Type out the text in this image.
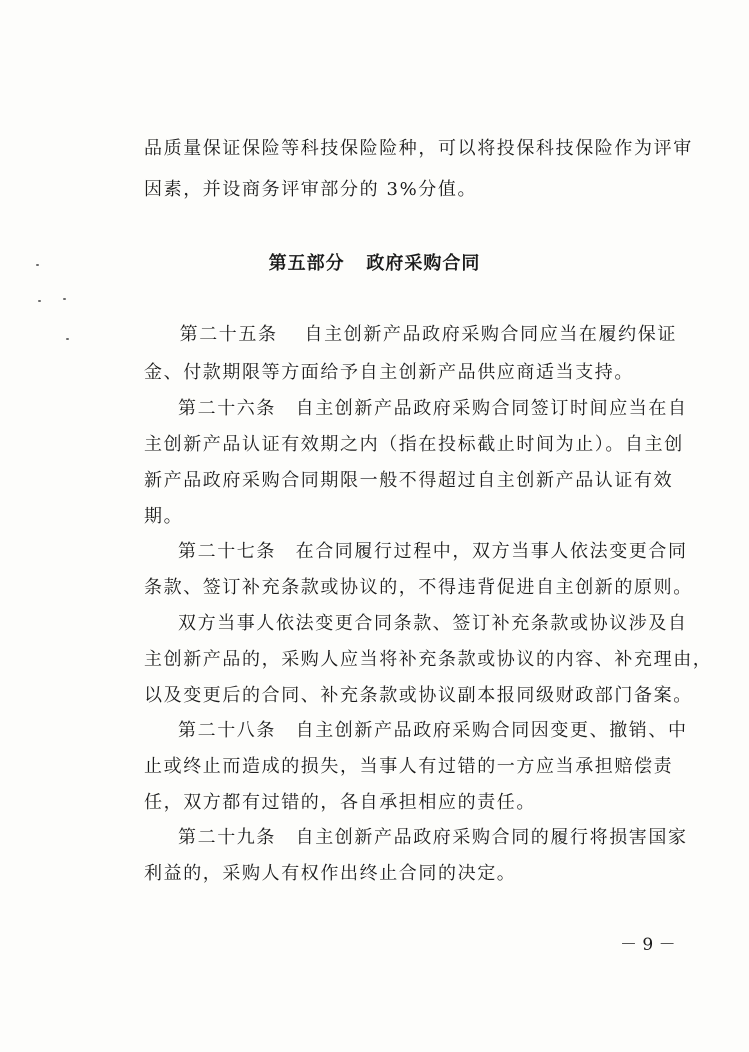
品质量保证保险等科技保险险种，可以将投保科技保险作为评审
因素，并设商务评审部分的 3%分值。
第五部分   政府采购合同
　第二十五条　 自主创新产品政府采购合同应当在履约保证
金、付款期限等方面给予自主创新产品供应商适当支持。
第二十六条　自主创新产品政府采购合同签订时间应当在自
主创新产品认证有效期之内（指在投标截止时间为止）。自主创
新产品政府采购合同期限一般不得超过自主创新产品认证有效
期。
第二十七条　在合同履行过程中，双方当事人依法变更合同
条款、签订补充条款或协议的，不得违背促进自主创新的原则。
双方当事人依法变更合同条款、签订补充条款或协议涉及自
主创新产品的，采购人应当将补充条款或协议的内容、补充理由，
以及变更后的合同、补充条款或协议副本报同级财政部门备案。
第二十八条　自主创新产品政府采购合同因变更、撤销、中
止或终止而造成的损失，当事人有过错的一方应当承担赔偿责
任，双方都有过错的，各自承担相应的责任。
第二十九条　自主创新产品政府采购合同的履行将损害国家
利益的，采购人有权作出终止合同的决定。
－ 9 －
